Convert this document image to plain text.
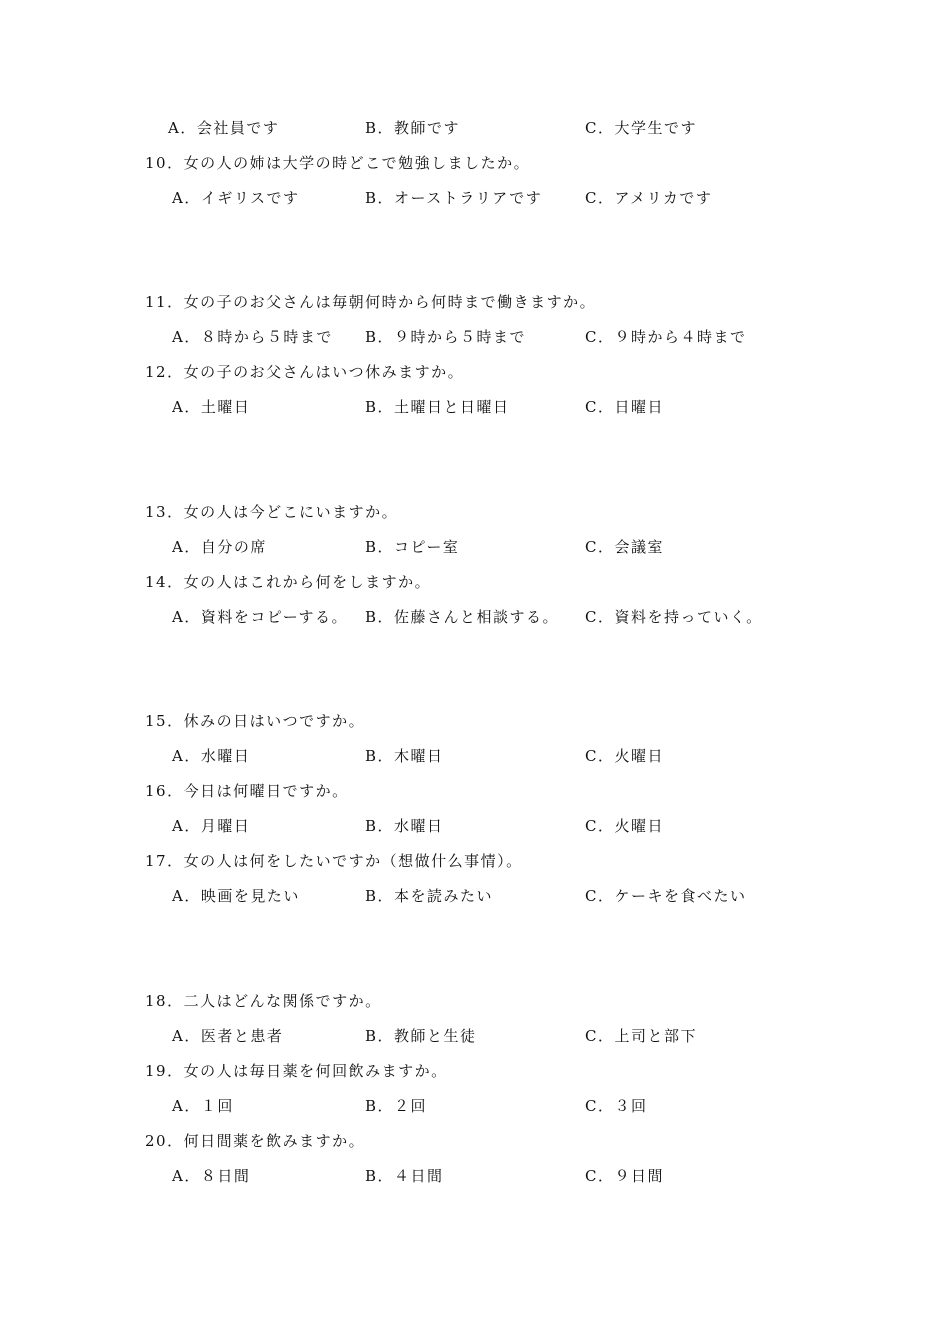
A．会社員です	B．教師です	C．大学生です
10．女の人の姉は大学の時どこで勉強しましたか。
A．イギリスです	B．オーストラリアです	C．アメリカです
11．女の子のお父さんは毎朝何時から何時まで働きますか。
A．８時から５時まで B．９時から５時まで	C．９時から４時まで
12．女の子のお父さんはいつ休みますか。
A．土曜日	B．土曜日と日曜日	C．日曜日
13．女の人は今どこにいますか。
A．自分の席	B．コピー室	C．会議室
14．女の人はこれから何をしますか。
A．資料をコピーする。 B．佐藤さんと相談する。 C．資料を持っていく。
15．休みの日はいつですか。
A．水曜日	B．木曜日	C．火曜日
16．今日は何曜日ですか。
A．月曜日	B．水曜日	C．火曜日
17．女の人は何をしたいですか（想做什么事情）。
A．映画を見たい	B．本を読みたい	C．ケーキを食べたい
18．二人はどんな関係ですか。
A．医者と患者	B．教師と生徒	C．上司と部下
19．女の人は毎日薬を何回飲みますか。
A．１回	B．２回	C．３回
20．何日間薬を飲みますか。
A．８日間	B．４日間	C．９日間
